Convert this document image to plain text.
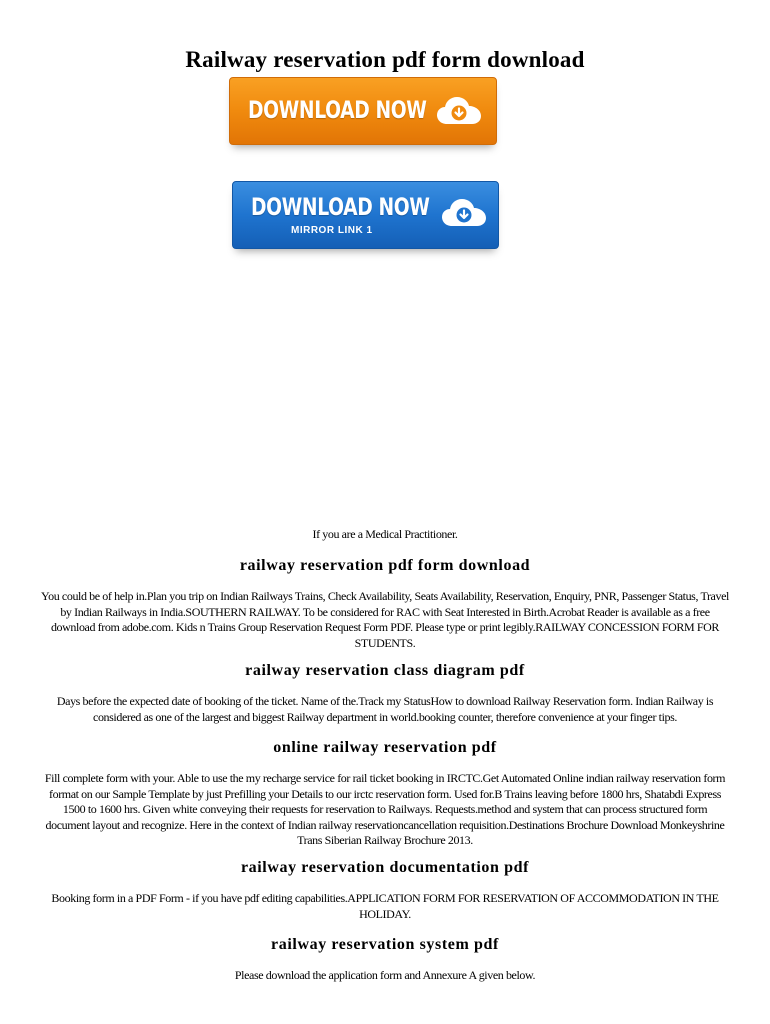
Railway reservation pdf form download
DOWNLOAD NOW
DOWNLOAD NOW
MIRROR LINK 1
If you are a Medical Practitioner.
railway reservation pdf form download

You could be of help in.Plan you trip on Indian Railways Trains, Check Availability, Seats Availability, Reservation, Enquiry, PNR, Passenger Status, Travel by Indian Railways in India.SOUTHERN RAILWAY. To be considered for RAC with Seat Interested in Birth.Acrobat Reader is available as a free download from adobe.com. Kids n Trains Group Reservation Request Form PDF. Please type or print legibly.RAILWAY CONCESSION FORM FOR STUDENTS.

railway reservation class diagram pdf

Days before the expected date of booking of the ticket. Name of the.Track my StatusHow to download Railway Reservation form. Indian Railway is considered as one of the largest and biggest Railway department in world.booking counter, therefore convenience at your finger tips.

online railway reservation pdf

Fill complete form with your. Able to use the my recharge service for rail ticket booking in IRCTC.Get Automated Online indian railway reservation form format on our Sample Template by just Prefilling your Details to our irctc reservation form. Used for.B Trains leaving before 1800 hrs, Shatabdi Express 1500 to 1600 hrs. Given white conveying their requests for reservation to Railways. Requests.method and system that can process structured form document layout and recognize. Here in the context of Indian railway reservationcancellation requisition.Destinations Brochure Download Monkeyshrine Trans Siberian Railway Brochure 2013.

railway reservation documentation pdf

Booking form in a PDF Form - if you have pdf editing capabilities.APPLICATION FORM FOR RESERVATION OF ACCOMMODATION IN THE HOLIDAY.

railway reservation system pdf

Please download the application form and Annexure A given below.
